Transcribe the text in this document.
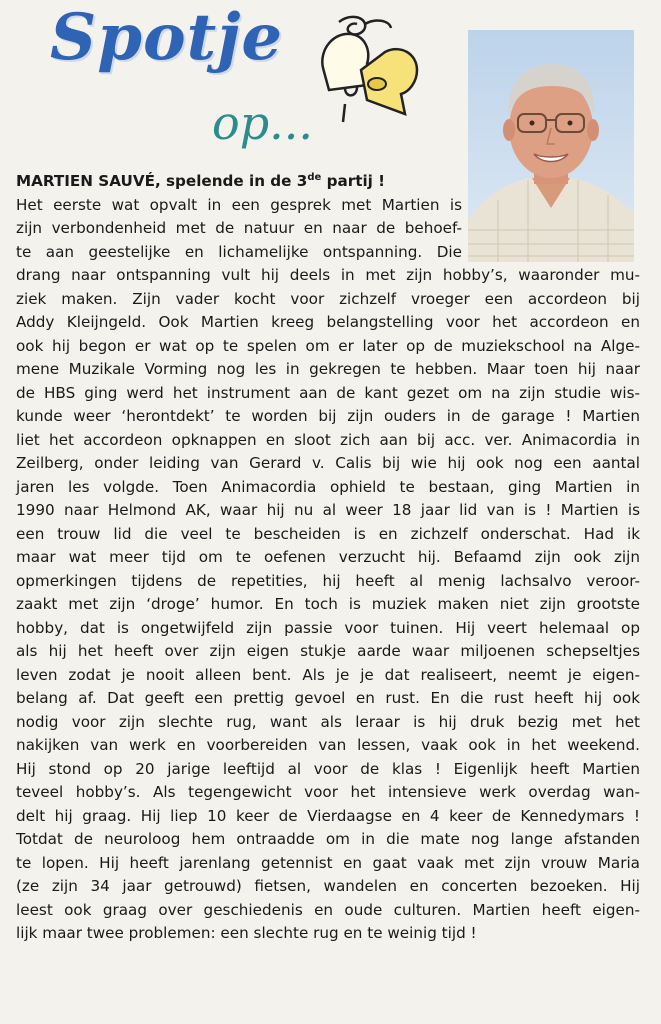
Spotje
op...
MARTIEN SAUVÉ, spelende in de 3de partij !
Het eerste wat opvalt in een gesprek met Martien is
zijn verbondenheid met de natuur en naar de behoef-
te aan geestelijke en lichamelijke ontspanning. Die
drang naar ontspanning vult hij deels in met zijn hobby’s, waaronder mu-
ziek maken. Zijn vader kocht voor zichzelf vroeger een accordeon bij
Addy Kleijngeld. Ook Martien kreeg belangstelling voor het accordeon en
ook hij begon er wat op te spelen om er later op de muziekschool na Alge-
mene Muzikale Vorming nog les in gekregen te hebben. Maar toen hij naar
de HBS ging werd het instrument aan de kant gezet om na zijn studie wis-
kunde weer ‘herontdekt’ te worden bij zijn ouders in de garage ! Martien
liet het accordeon opknappen en sloot zich aan bij acc. ver. Animacordia in
Zeilberg, onder leiding van Gerard v. Calis bij wie hij ook nog een aantal
jaren les volgde. Toen Animacordia ophield te bestaan, ging Martien in
1990 naar Helmond AK, waar hij nu al weer 18 jaar lid van is ! Martien is
een trouw lid die veel te bescheiden is en zichzelf onderschat. Had ik
maar wat meer tijd om te oefenen verzucht hij. Befaamd zijn ook zijn
opmerkingen tijdens de repetities, hij heeft al menig lachsalvo veroor-
zaakt met zijn ‘droge’ humor. En toch is muziek maken niet zijn grootste
hobby, dat is ongetwijfeld zijn passie voor tuinen. Hij veert helemaal op
als hij het heeft over zijn eigen stukje aarde waar miljoenen schepseltjes
leven zodat je nooit alleen bent. Als je je dat realiseert, neemt je eigen-
belang af. Dat geeft een prettig gevoel en rust. En die rust heeft hij ook
nodig voor zijn slechte rug, want als leraar is hij druk bezig met het
nakijken van werk en voorbereiden van lessen, vaak ook in het weekend.
Hij stond op 20 jarige leeftijd al voor de klas ! Eigenlijk heeft Martien
teveel hobby’s. Als tegengewicht voor het intensieve werk overdag wan-
delt hij graag. Hij liep 10 keer de Vierdaagse en 4 keer de Kennedymars !
Totdat de neuroloog hem ontraadde om in die mate nog lange afstanden
te lopen. Hij heeft jarenlang getennist en gaat vaak met zijn vrouw Maria
(ze zijn 34 jaar getrouwd) fietsen, wandelen en concerten bezoeken. Hij
leest ook graag over geschiedenis en oude culturen. Martien heeft eigen-
lijk maar twee problemen: een slechte rug en te weinig tijd !
